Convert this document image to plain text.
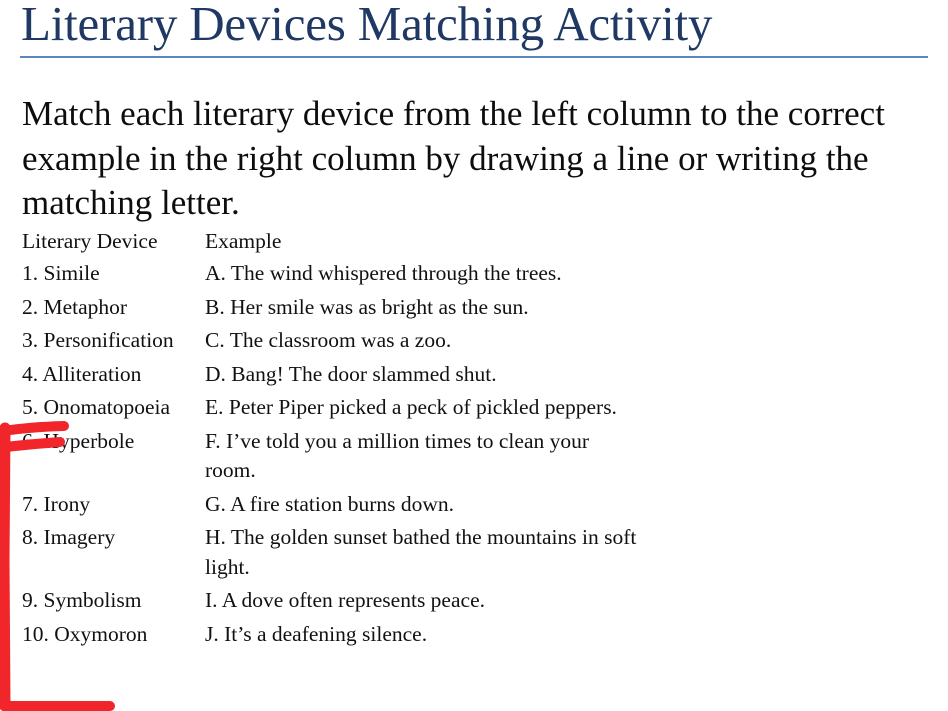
Literary Devices Matching Activity
Match each literary device from the left column to the correct example in the right column by drawing a line or writing the matching letter.
Literary Device	Example
1. Simile	A. The wind whispered through the trees.
2. Metaphor	B. Her smile was as bright as the sun.
3. Personification	C. The classroom was a zoo.
4. Alliteration	D. Bang! The door slammed shut.
5. Onomatopoeia	E. Peter Piper picked a peck of pickled peppers.
6. Hyperbole	F. I’ve told you a million times to clean your room.
7. Irony	G. A fire station burns down.
8. Imagery	H. The golden sunset bathed the mountains in soft light.
9. Symbolism	I. A dove often represents peace.
10. Oxymoron	J. It’s a deafening silence.
